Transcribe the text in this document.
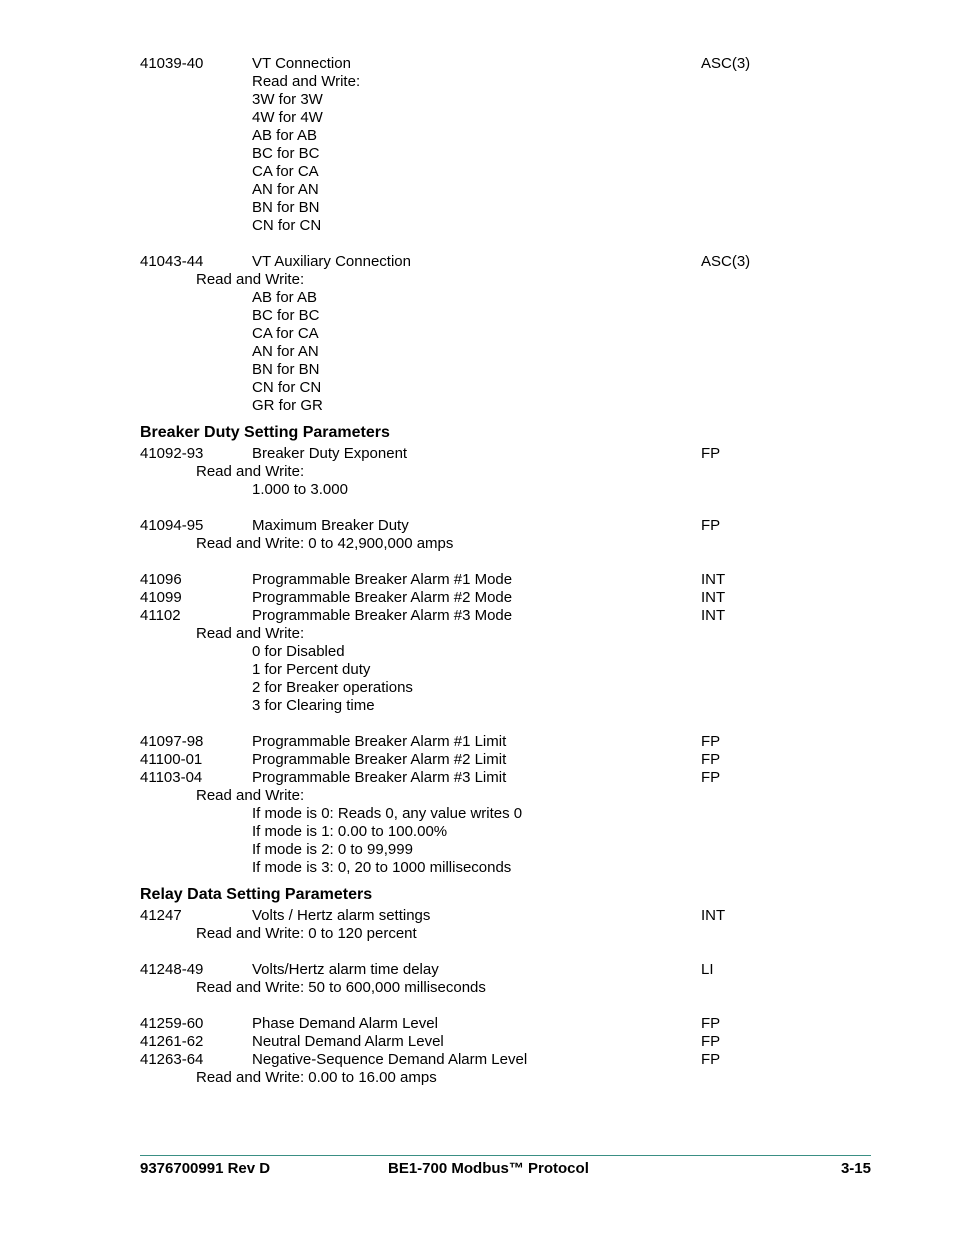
41039-40	VT Connection	ASC(3)
Read and Write:
3W for 3W
4W for 4W
AB for AB
BC for BC
CA for CA
AN for AN
BN for BN
CN for CN
41043-44	VT Auxiliary Connection	ASC(3)
Read and Write:
AB for AB
BC for BC
CA for CA
AN for AN
BN for BN
CN for CN
GR for GR
Breaker Duty Setting Parameters
41092-93	Breaker Duty Exponent	FP
Read and Write:
1.000 to 3.000
41094-95	Maximum Breaker Duty	FP
Read and Write: 0 to 42,900,000 amps
41096	Programmable Breaker Alarm #1 Mode	INT
41099	Programmable Breaker Alarm #2 Mode	INT
41102	Programmable Breaker Alarm #3 Mode	INT
Read and Write:
0 for Disabled
1 for Percent duty
2 for Breaker operations
3 for Clearing time
41097-98	Programmable Breaker Alarm #1 Limit	FP
41100-01	Programmable Breaker Alarm #2 Limit	FP
41103-04	Programmable Breaker Alarm #3 Limit	FP
Read and Write:
If mode is 0: Reads 0, any value writes 0
If mode is 1: 0.00 to 100.00%
If mode is 2: 0 to 99,999
If mode is 3: 0, 20 to 1000 milliseconds
Relay Data Setting Parameters
41247	Volts / Hertz alarm settings	INT
Read and Write: 0 to 120 percent
41248-49	Volts/Hertz alarm time delay	LI
Read and Write: 50 to 600,000 milliseconds
41259-60	Phase Demand Alarm Level	FP
41261-62	Neutral Demand Alarm Level	FP
41263-64	Negative-Sequence Demand Alarm Level	FP
Read and Write: 0.00 to 16.00 amps
9376700991 Rev D	BE1-700 Modbus™ Protocol	3-15
